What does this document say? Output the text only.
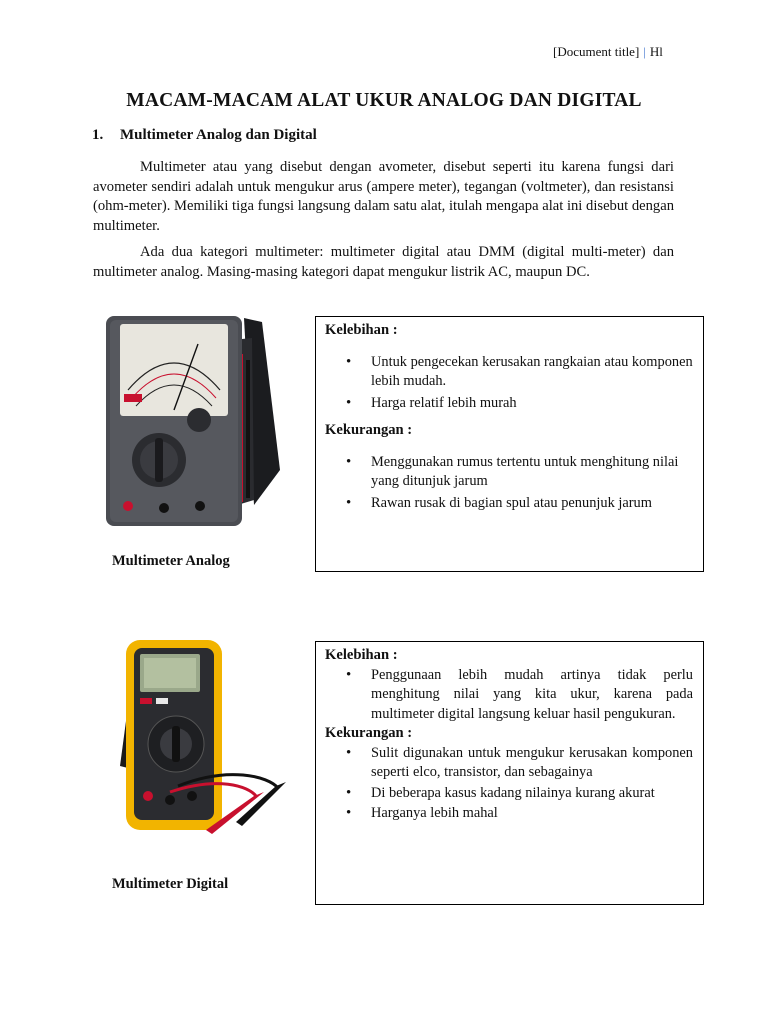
[Document title] | Hl
MACAM-MACAM ALAT UKUR ANALOG DAN DIGITAL
1. Multimeter Analog dan Digital

Multimeter atau yang disebut dengan avometer, disebut seperti itu karena fungsi dari avometer sendiri adalah untuk mengukur arus (ampere meter), tegangan (voltmeter), dan resistansi (ohm-meter). Memiliki tiga fungsi langsung dalam satu alat, itulah mengapa alat ini disebut dengan multimeter.

Ada dua kategori multimeter: multimeter digital atau DMM (digital multi-meter) dan multimeter analog. Masing-masing kategori dapat mengukur listrik AC, maupun DC.

Multimeter Analog
Kelebihan :
• Untuk pengecekan kerusakan rangkaian atau komponen lebih mudah.
• Harga relatif lebih murah
Kekurangan :
• Menggunakan rumus tertentu untuk menghitung nilai yang ditunjuk jarum
• Rawan rusak di bagian spul atau penunjuk jarum
Multimeter Digital
Kelebihan :
• Penggunaan lebih mudah artinya tidak perlu menghitung nilai yang kita ukur, karena pada multimeter digital langsung keluar hasil pengukuran.
Kekurangan :
• Sulit digunakan untuk mengukur kerusakan komponen seperti elco, transistor, dan sebagainya
• Di beberapa kasus kadang nilainya kurang akurat
• Harganya lebih mahal
